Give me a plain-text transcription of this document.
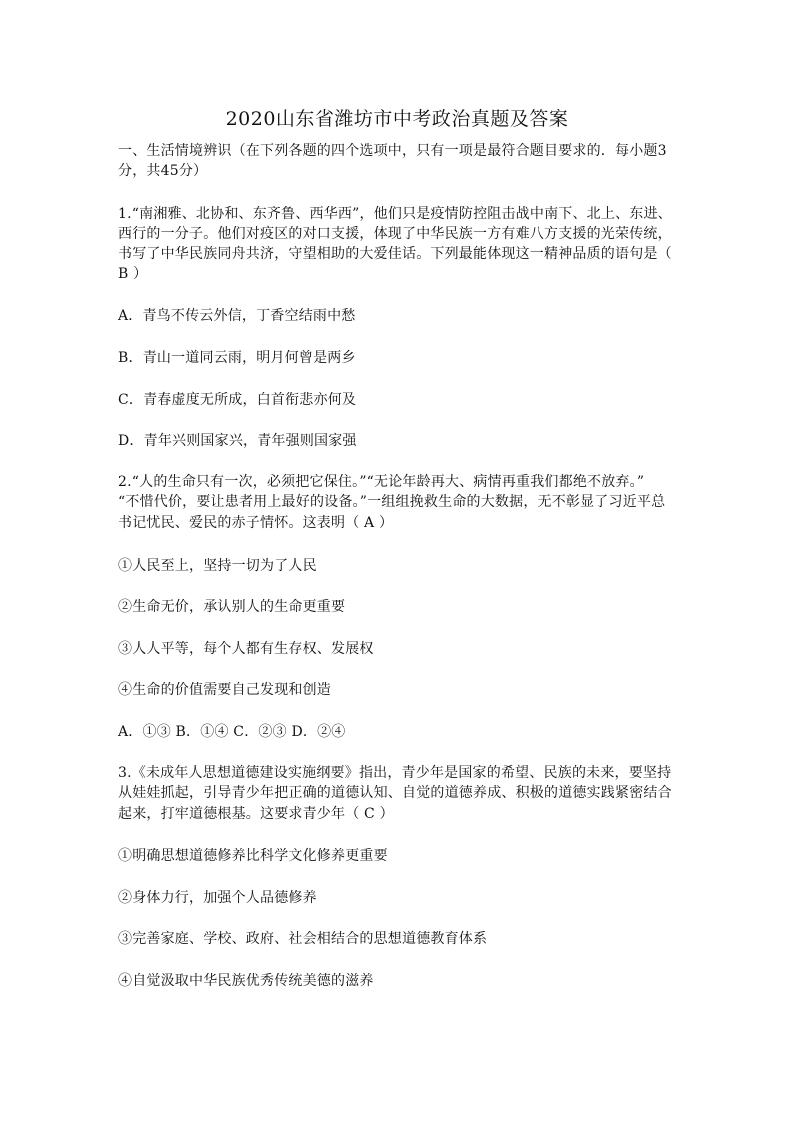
2020山东省潍坊市中考政治真题及答案
一、生活情境辨识（在下列各题的四个选项中，只有一项是最符合题目要求的．每小题3
分，共45分）
1.“南湘雅、北协和、东齐鲁、西华西”，他们只是疫情防控阻击战中南下、北上、东进、
西行的一分子。他们对疫区的对口支援，体现了中华民族一方有难八方支援的光荣传统，
书写了中华民族同舟共济，守望相助的大爱佳话。下列最能体现这一精神品质的语句是（
B ）
A．青鸟不传云外信，丁香空结雨中愁
B．青山一道同云雨，明月何曾是两乡
C．青春虚度无所成，白首衔悲亦何及
D．青年兴则国家兴，青年强则国家强
2.“人的生命只有一次，必须把它保住。”“无论年龄再大、病情再重我们都绝不放弃。”
“不惜代价，要让患者用上最好的设备。”一组组挽救生命的大数据，无不彰显了习近平总
书记忧民、爱民的赤子情怀。这表明（ A ）
①人民至上，坚持一切为了人民
②生命无价，承认别人的生命更重要
③人人平等，每个人都有生存权、发展权
④生命的价值需要自己发现和创造
A．①③ B．①④ C．②③ D．②④
3.《未成年人思想道德建设实施纲要》指出，青少年是国家的希望、民族的未来，要坚持
从娃娃抓起，引导青少年把正确的道德认知、自觉的道德养成、积极的道德实践紧密结合
起来，打牢道德根基。这要求青少年（ C ）
①明确思想道德修养比科学文化修养更重要
②身体力行，加强个人品德修养
③完善家庭、学校、政府、社会相结合的思想道德教育体系
④自觉汲取中华民族优秀传统美德的滋养
